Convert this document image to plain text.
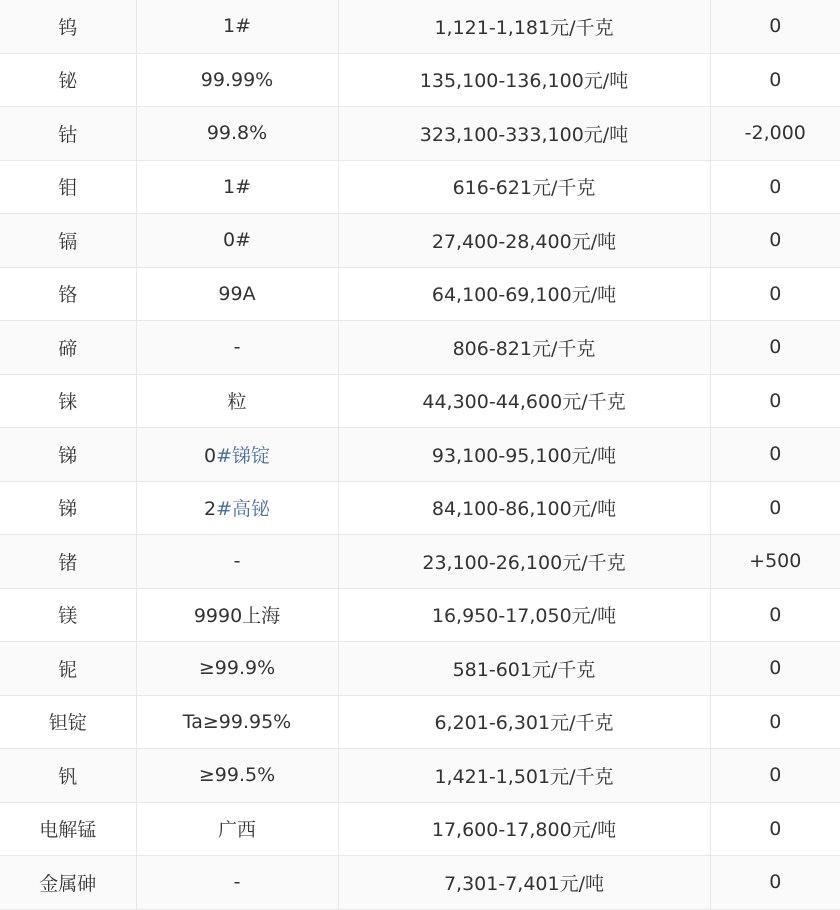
钨	1#	1,121-1,181元/千克	0
铋	99.99%	135,100-136,100元/吨	0
钴	99.8%	323,100-333,100元/吨	-2,000
钼	1#	616-621元/千克	0
镉	0#	27,400-28,400元/吨	0
铬	99A	64,100-69,100元/吨	0
碲	-	806-821元/千克	0
铼	粒	44,300-44,600元/千克	0
锑	0#锑锭	93,100-95,100元/吨	0
锑	2#高铋	84,100-86,100元/吨	0
锗	-	23,100-26,100元/千克	+500
镁	9990上海	16,950-17,050元/吨	0
铌	≥99.9%	581-601元/千克	0
钽锭	Ta≥99.95%	6,201-6,301元/千克	0
钒	≥99.5%	1,421-1,501元/千克	0
电解锰	广西	17,600-17,800元/吨	0
金属砷	-	7,301-7,401元/吨	0
